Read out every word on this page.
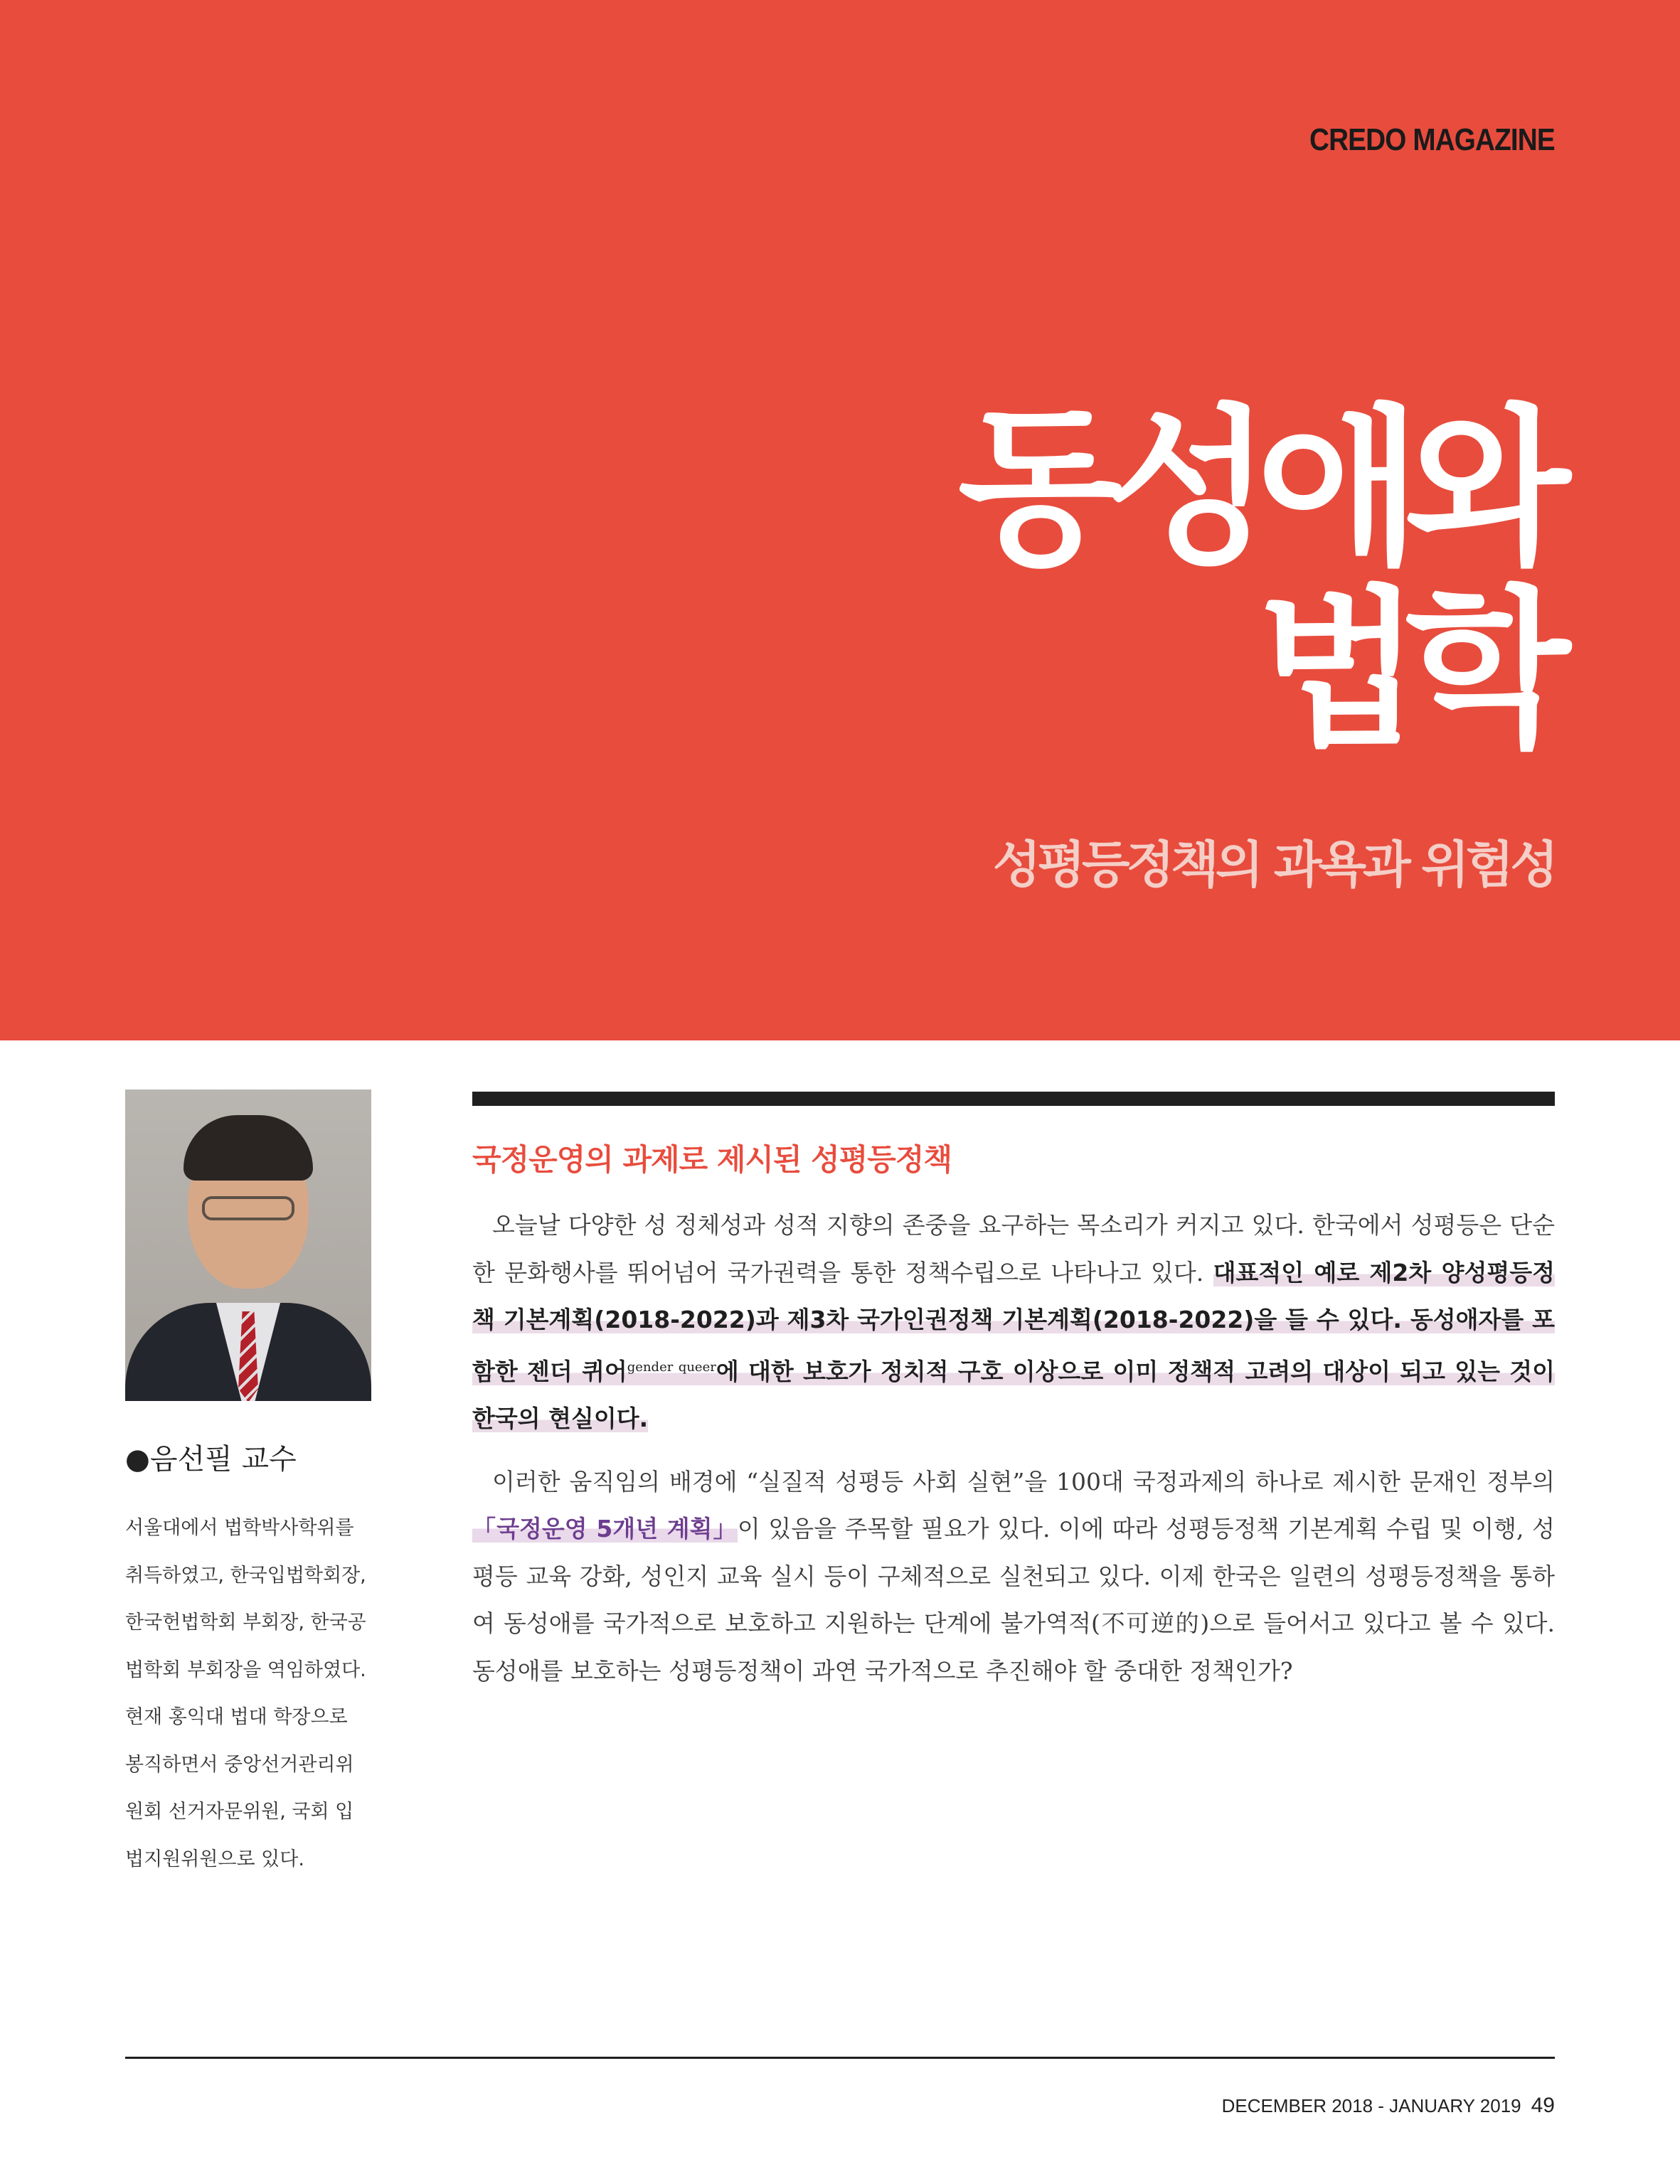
CREDO MAGAZINE
동성애와
법학
성평등정책의 과욕과 위험성
●음선필 교수
서울대에서 법학박사학위를
취득하였고, 한국입법학회장,
한국헌법학회 부회장, 한국공
법학회 부회장을 역임하였다.
현재 홍익대 법대 학장으로
봉직하면서 중앙선거관리위
원회 선거자문위원, 국회 입
법지원위원으로 있다.
국정운영의 과제로 제시된 성평등정책

오늘날 다양한 성 정체성과 성적 지향의 존중을 요구하는 목소리가 커지고 있다. 한국에서 성평등은 단순한 문화행사를 뛰어넘어 국가권력을 통한 정책수립으로 나타나고 있다. 대표적인 예로 제2차 양성평등정책 기본계획(2018-2022)과 제3차 국가인권정책 기본계획(2018-2022)을 들 수 있다. 동성애자를 포함한 젠더 퀴어$^{gender queer}$에 대한 보호가 정치적 구호 이상으로 이미 정책적 고려의 대상이 되고 있는 것이 한국의 현실이다.

이러한 움직임의 배경에 “실질적 성평등 사회 실현”을 100대 국정과제의 하나로 제시한 문재인 정부의 「국정운영 5개년 계획」이 있음을 주목할 필요가 있다. 이에 따라 성평등정책 기본계획 수립 및 이행, 성평등 교육 강화, 성인지 교육 실시 등이 구체적으로 실천되고 있다. 이제 한국은 일련의 성평등정책을 통하여 동성애를 국가적으로 보호하고 지원하는 단계에 불가역적(不可逆的)으로 들어서고 있다고 볼 수 있다. 동성애를 보호하는 성평등정책이 과연 국가적으로 추진해야 할 중대한 정책인가?

DECEMBER 2018 - JANUARY 2019 49
